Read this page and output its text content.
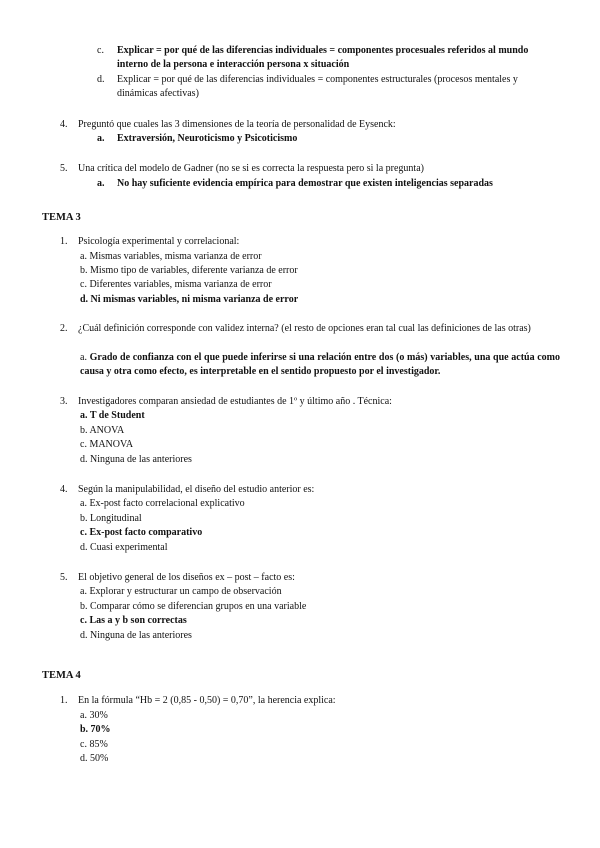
c.	Explicar = por qué de las diferencias individuales = componentes procesuales referidos al mundo interno de la persona e interacción persona x situación
d.	Explicar = por qué de las diferencias individuales = componentes estructurales (procesos mentales y dinámicas afectivas)
4. Preguntó que cuales las 3 dimensiones de la teoría de personalidad de Eysenck:
a. Extraversión, Neuroticismo y Psicoticismo
5. Una crítica del modelo de Gadner (no se si es correcta la respuesta pero si la pregunta)
a. No hay suficiente evidencia empírica para demostrar que existen inteligencias separadas
TEMA 3
1. Psicología experimental y correlacional:
a. Mismas variables, misma varianza de error
b. Mismo tipo de variables, diferente varianza de error
c. Diferentes variables, misma varianza de error
d. Ni mismas variables, ni misma varianza de error
2. ¿Cuál definición corresponde con validez interna? (el resto de opciones eran tal cual las definiciones de las otras)
a. Grado de confianza con el que puede inferirse si una relación entre dos (o más) variables, una que actúa como causa y otra como efecto, es interpretable en el sentido propuesto por el investigador.
3. Investigadores comparan ansiedad de estudiantes de 1º y último año . Técnica:
a. T de Student
b. ANOVA
c. MANOVA
d. Ninguna de las anteriores
4. Según la manipulabilidad, el diseño del estudio anterior es:
a. Ex-post facto correlacional explicativo
b. Longitudinal
c. Ex-post facto comparativo
d. Cuasi experimental
5. El objetivo general de los diseños ex – post – facto es:
a. Explorar y estructurar un campo de observación
b. Comparar cómo se diferencian grupos en una variable
c. Las a y b son correctas
d. Ninguna de las anteriores
TEMA 4
1. En la fórmula “Hb = 2 (0,85 - 0,50) = 0,70”, la herencia explica:
a. 30%
b. 70%
c. 85%
d. 50%
